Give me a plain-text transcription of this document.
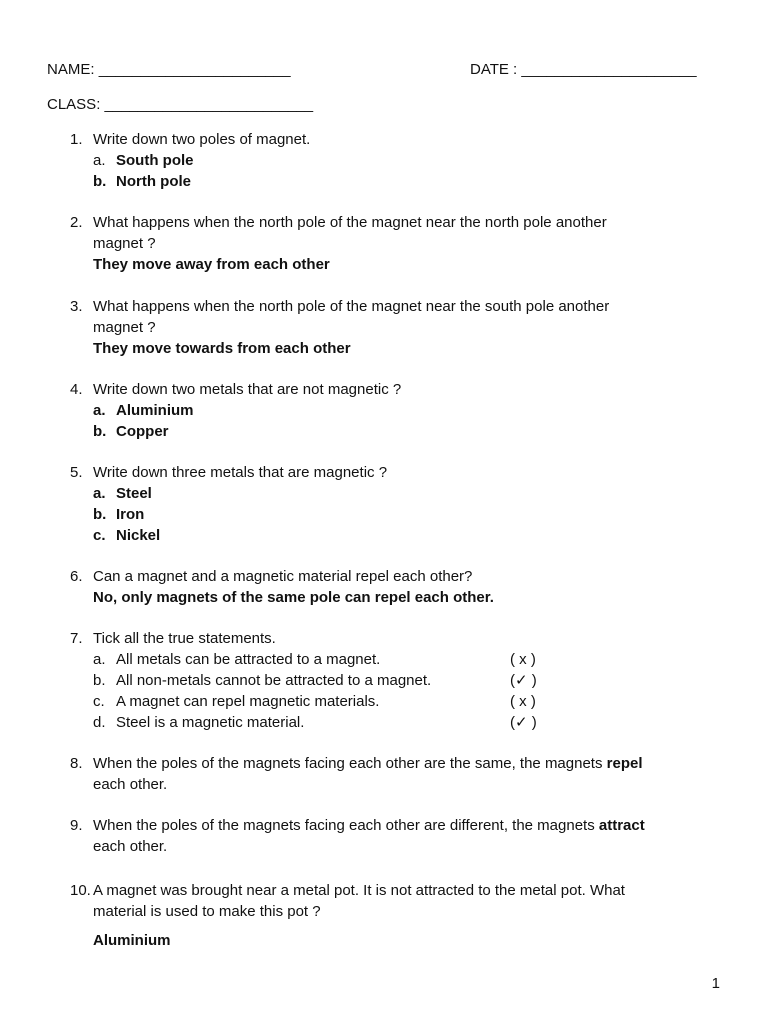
NAME: _______________________	DATE : _____________________
CLASS: _________________________
1. Write down two poles of magnet.
a. South pole
b. North pole
2. What happens when the north pole of the magnet near the north pole another
magnet ?
They move away from each other
3. What happens when the north pole of the magnet near the south pole another
magnet ?
They move towards from each other
4. Write down two metals that are not magnetic ?
a. Aluminium
b. Copper
5. Write down three metals that are magnetic ?
a. Steel
b. Iron
c. Nickel
6. Can a magnet and a magnetic material repel each other?
No, only magnets of the same pole can repel each other.
7. Tick all the true statements.
a. All metals can be attracted to a magnet.	( x )
b. All non-metals cannot be attracted to a magnet.	(✓ )
c. A magnet can repel magnetic materials.	( x )
d. Steel is a magnetic material.	(✓ )
8. When the poles of the magnets facing each other are the same, the magnets repel
each other.
9. When the poles of the magnets facing each other are different, the magnets attract
each other.
10. A magnet was brought near a metal pot. It is not attracted to the metal pot. What
material is used to make this pot ?
Aluminium
1
